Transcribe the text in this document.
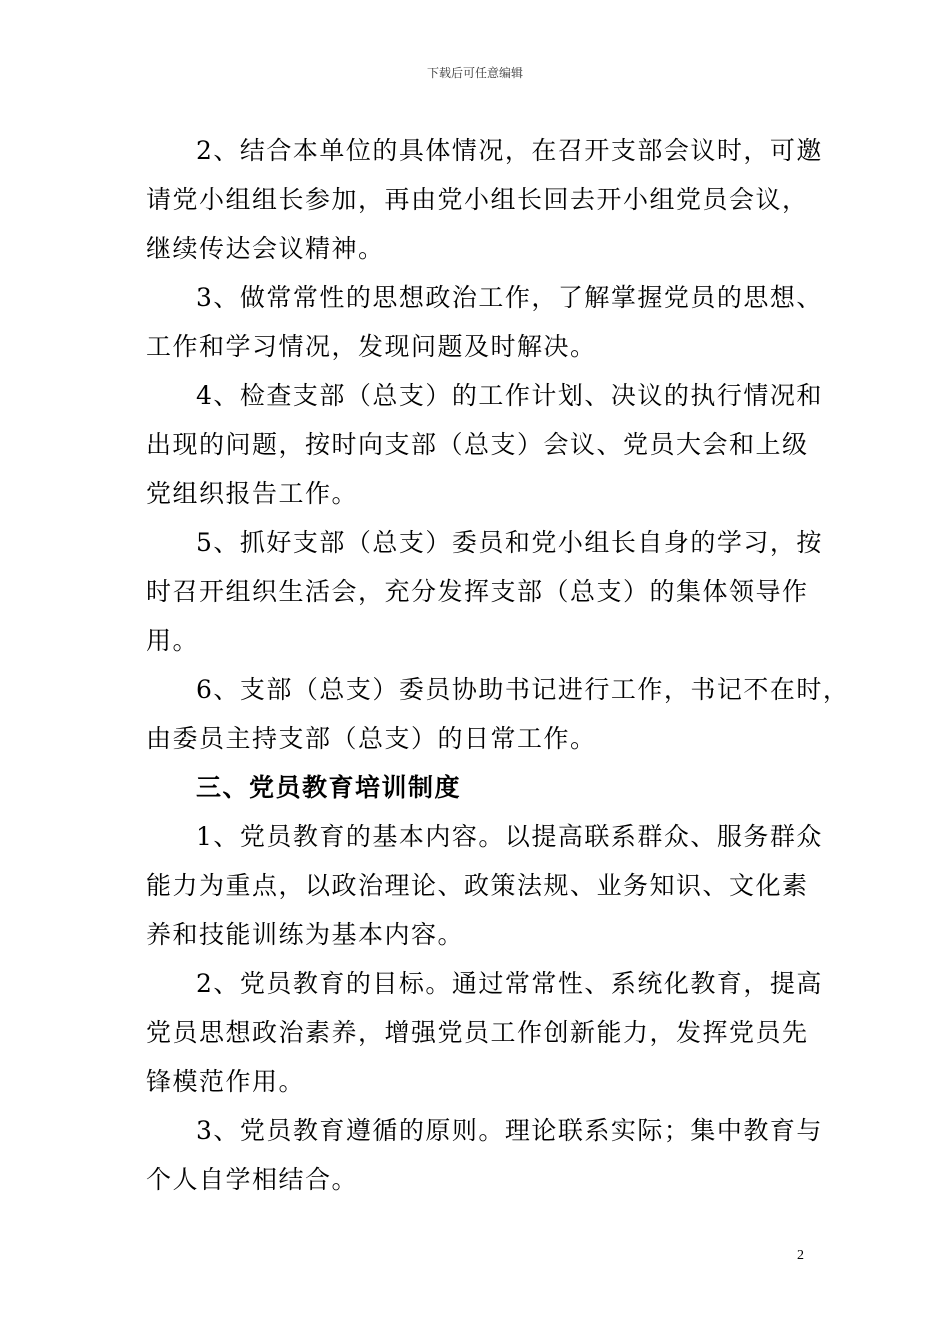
下载后可任意编辑

2、结合本单位的具体情况，在召开支部会议时，可邀
请党小组组长参加，再由党小组长回去开小组党员会议，
继续传达会议精神。

3、做常常性的思想政治工作，了解掌握党员的思想、
工作和学习情况，发现问题及时解决。

4、检查支部（总支）的工作计划、决议的执行情况和
出现的问题，按时向支部（总支）会议、党员大会和上级
党组织报告工作。

5、抓好支部（总支）委员和党小组长自身的学习，按
时召开组织生活会，充分发挥支部（总支）的集体领导作
用。

6、支部（总支）委员协助书记进行工作，书记不在时，
由委员主持支部（总支）的日常工作。

三、党员教育培训制度

1、党员教育的基本内容。以提高联系群众、服务群众
能力为重点，以政治理论、政策法规、业务知识、文化素
养和技能训练为基本内容。

2、党员教育的目标。通过常常性、系统化教育，提高
党员思想政治素养，增强党员工作创新能力，发挥党员先
锋模范作用。

3、党员教育遵循的原则。理论联系实际；集中教育与
个人自学相结合。

2
